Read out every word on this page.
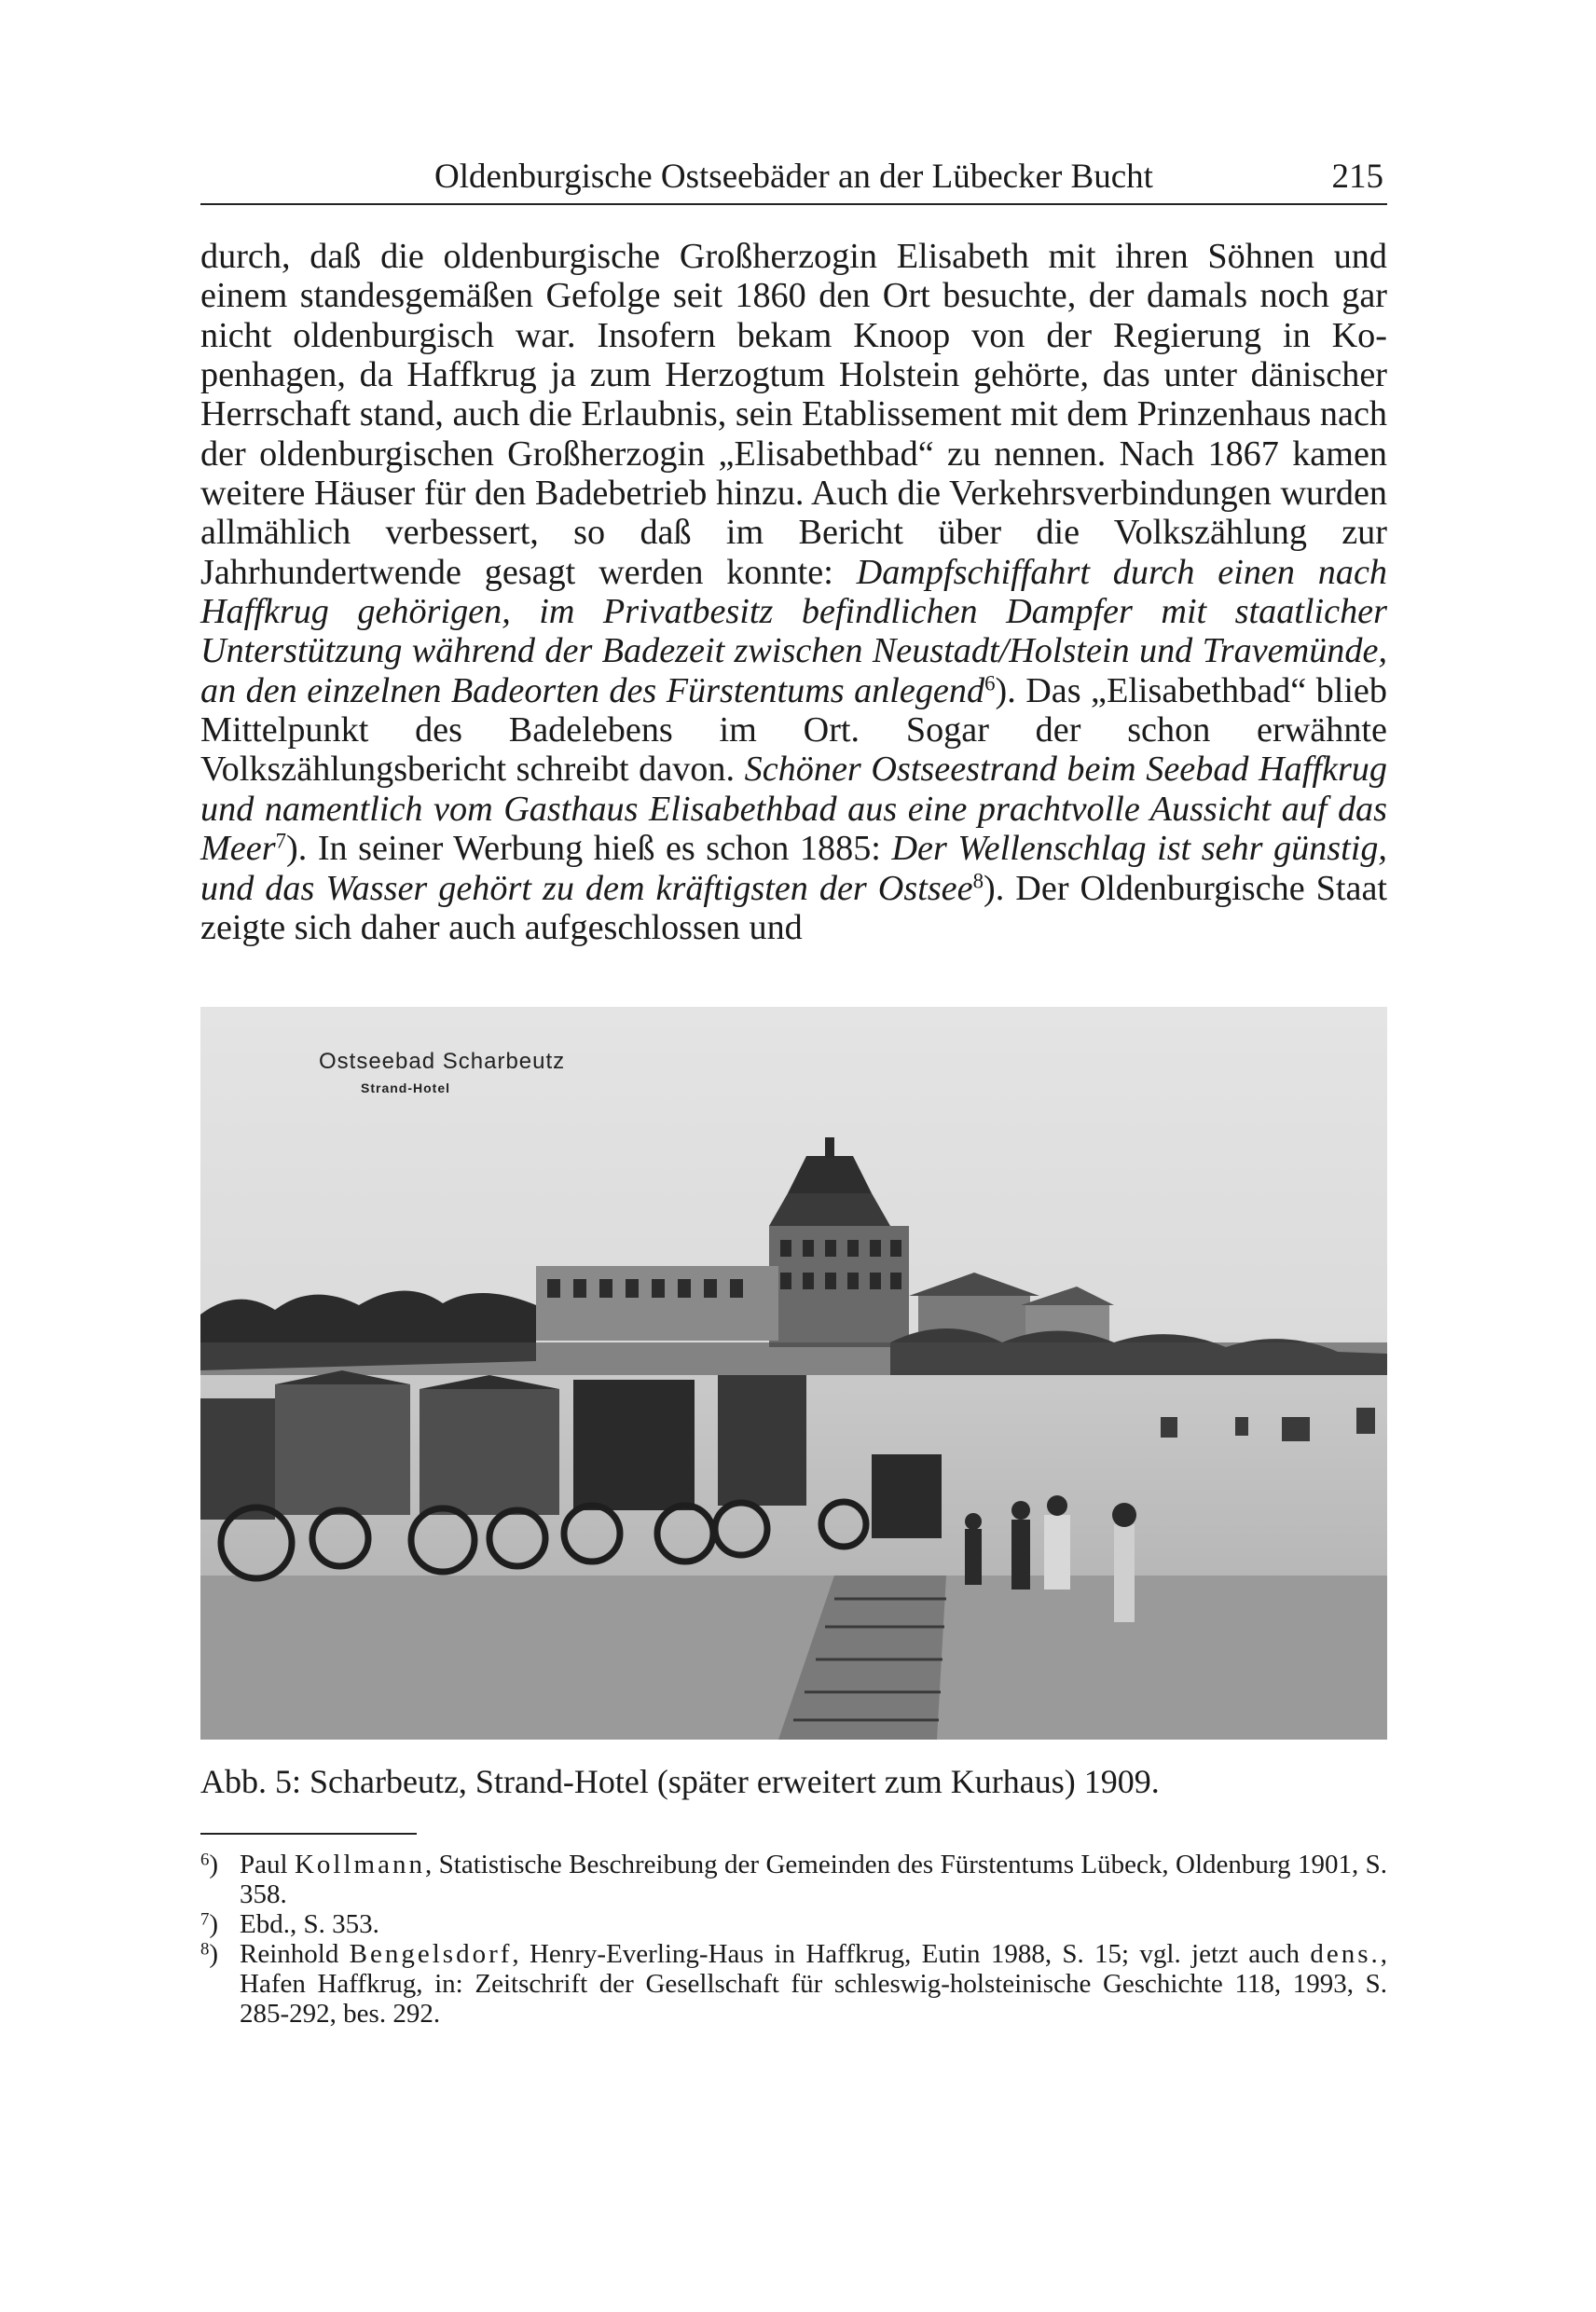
Oldenburgische Ostseebäder an der Lübecker Bucht	215

durch, daß die oldenburgische Großherzogin Elisabeth mit ihren Söhnen und einem standesgemäßen Gefolge seit 1860 den Ort besuchte, der damals noch gar nicht oldenburgisch war. Insofern bekam Knoop von der Regierung in Kopenhagen, da Haffkrug ja zum Herzogtum Holstein gehörte, das unter dänischer Herrschaft stand, auch die Erlaubnis, sein Etablissement mit dem Prinzenhaus nach der oldenburgischen Großherzogin „Elisabethbad“ zu nennen. Nach 1867 kamen weitere Häuser für den Badebetrieb hinzu. Auch die Verkehrsverbindungen wurden allmählich verbessert, so daß im Bericht über die Volkszählung zur Jahrhundertwende gesagt werden konnte: Dampfschiffahrt durch einen nach Haffkrug gehörigen, im Privatbesitz befindlichen Dampfer mit staatlicher Unterstützung während der Badezeit zwischen Neustadt/Holstein und Travemünde, an den einzelnen Badeorten des Fürstentums anlegend$^6$). Das „Elisabethbad“ blieb Mittelpunkt des Badelebens im Ort. Sogar der schon erwähnte Volkszählungsbericht schreibt davon. Schöner Ostseestrand beim Seebad Haffkrug und namentlich vom Gasthaus Elisabethbad aus eine prachtvolle Aussicht auf das Meer$^7$). In seiner Werbung hieß es schon 1885: Der Wellenschlag ist sehr günstig, und das Wasser gehört zu dem kräftigsten der Ostsee$^8$). Der Oldenburgische Staat zeigte sich daher auch aufgeschlossen und

Ostseebad Scharbeutz
Strand-Hotel
Abb. 5: Scharbeutz, Strand-Hotel (später erweitert zum Kurhaus) 1909.
$^6$) Paul Kollmann, Statistische Beschreibung der Gemeinden des Fürstentums Lübeck, Oldenburg 1901, S. 358.
$^7$) Ebd., S. 353.
$^8$) Reinhold Bengelsdorf, Henry-Everling-Haus in Haffkrug, Eutin 1988, S. 15; vgl. jetzt auch dens., Hafen Haffkrug, in: Zeitschrift der Gesellschaft für schleswig-holsteinische Geschichte 118, 1993, S. 285-292, bes. 292.
